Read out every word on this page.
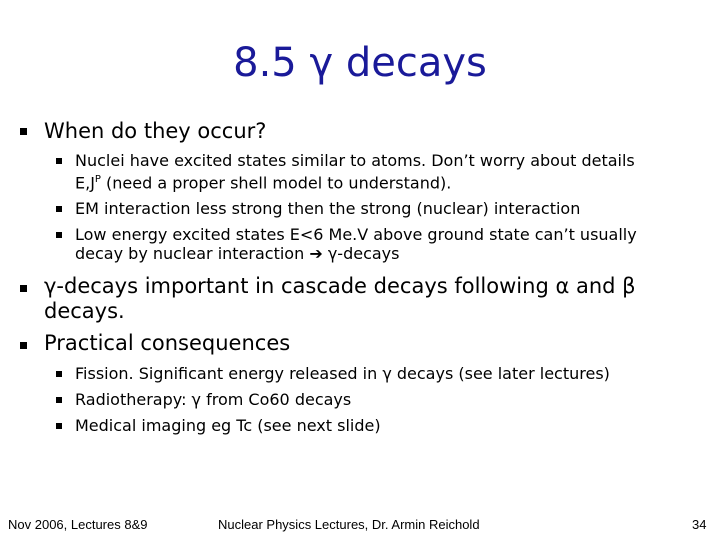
8.5 γ decays
When do they occur?
Nuclei have excited states similar to atoms. Don’t worry about details
$E,J^P$ (need a proper shell model to understand).
EM interaction less strong then the strong (nuclear) interaction
Low energy excited states E<6 Me.V above ground state can’t usually
decay by nuclear interaction ➔ γ-decays
γ-decays important in cascade decays following α and β
decays.
Practical consequences
Fission. Significant energy released in γ decays (see later lectures)
Radiotherapy: γ from Co60 decays
Medical imaging eg Tc (see next slide)
Nov 2006, Lectures 8&9	Nuclear Physics Lectures, Dr. Armin Reichold	34
